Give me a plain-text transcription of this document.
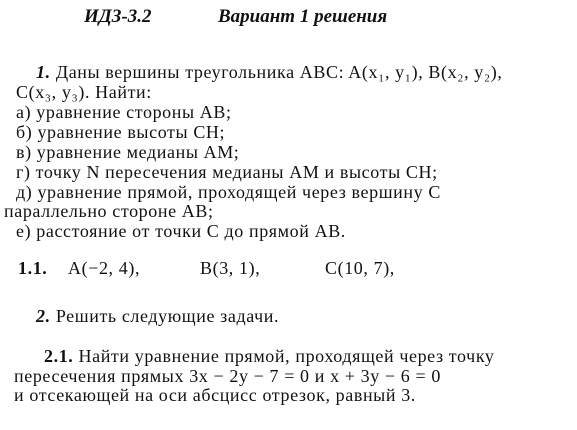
ИДЗ-3.2	Вариант 1 решения
1. Даны вершины треугольника ABC: A(x₁, y₁), B(x₂, y₂),
C(x₃, y₃). Найти:
а) уравнение стороны AB;
б) уравнение высоты CH;
в) уравнение медианы AM;
г) точку N пересечения медианы AM и высоты CH;
д) уравнение прямой, проходящей через вершину C
параллельно стороне AB;
е) расстояние от точки C до прямой AB.
1.1. A(−2, 4),	B(3, 1),	C(10, 7),
2. Решить следующие задачи.
2.1. Найти уравнение прямой, проходящей через точку
пересечения прямых 3x − 2y − 7 = 0 и x + 3y − 6 = 0
и отсекающей на оси абсцисс отрезок, равный 3.
